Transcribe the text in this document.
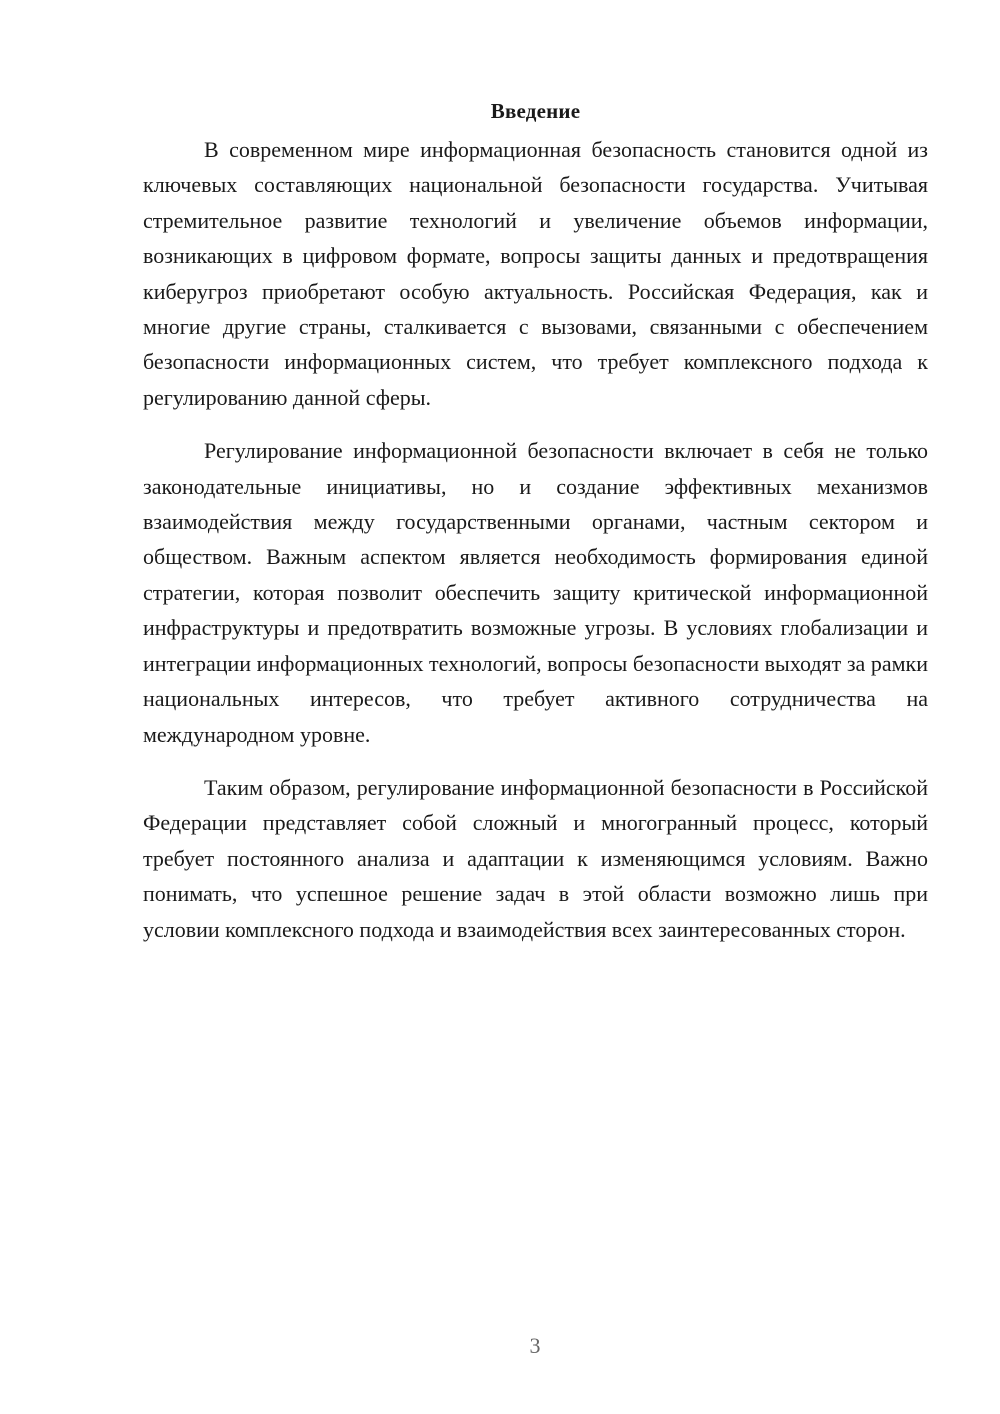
Введение

В современном мире информационная безопасность становится одной из ключевых составляющих национальной безопасности государства. Учитывая стремительное развитие технологий и увеличение объемов информации, возникающих в цифровом формате, вопросы защиты данных и предотвращения киберугроз приобретают особую актуальность. Российская Федерация, как и многие другие страны, сталкивается с вызовами, связанными с обеспечением безопасности информационных систем, что требует комплексного подхода к регулированию данной сферы.

Регулирование информационной безопасности включает в себя не только законодательные инициативы, но и создание эффективных механизмов взаимодействия между государственными органами, частным сектором и обществом. Важным аспектом является необходимость формирования единой стратегии, которая позволит обеспечить защиту критической информационной инфраструктуры и предотвратить возможные угрозы. В условиях глобализации и интеграции информационных технологий, вопросы безопасности выходят за рамки национальных интересов, что требует активного сотрудничества на международном уровне.

Таким образом, регулирование информационной безопасности в Российской Федерации представляет собой сложный и многогранный процесс, который требует постоянного анализа и адаптации к изменяющимся условиям. Важно понимать, что успешное решение задач в этой области возможно лишь при условии комплексного подхода и взаимодействия всех заинтересованных сторон.

3
